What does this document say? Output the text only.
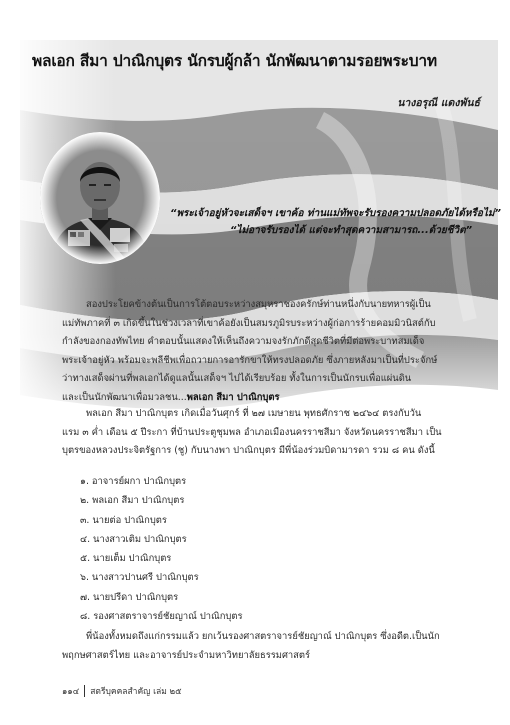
พลเอก สีมา ปาณิกบุตร นักรบผู้กล้า นักพัฒนาตามรอยพระบาท
นางอรุณี แดงพันธ์
“พระเจ้าอยู่หัวจะเสด็จฯ เขาค้อ ท่านแม่ทัพจะรับรองความปลอดภัยได้หรือไม่”
“ไม่อาจรับรองได้ แต่จะทำสุดความสามารถ...ด้วยชีวิต”
สองประโยคข้างต้นเป็นการโต้ตอบระหว่างสมุหราชองครักษ์ท่านหนึ่งกับนายทหารผู้เป็น
แม่ทัพภาคที่ ๓ เกิดขึ้นในช่วงเวลาที่เขาค้อยังเป็นสมรภูมิรบระหว่างผู้ก่อการร้ายคอมมิวนิสต์กับ
กำลังของกองทัพไทย คำตอบนั้นแสดงให้เห็นถึงความจงรักภักดีสุดชีวิตที่มีต่อพระบาทสมเด็จ
พระเจ้าอยู่หัว พร้อมจะพลีชีพเพื่อถวายการอารักขาให้ทรงปลอดภัย ซึ่งภายหลังมาเป็นที่ประจักษ์
ว่าทางเสด็จผ่านที่พลเอกได้ดูแลนั้นเสด็จฯ ไปได้เรียบร้อย ทั้งในการเป็นนักรบเพื่อแผ่นดิน
และเป็นนักพัฒนาเพื่อมวลชน...พลเอก สีมา ปาณิกบุตร
พลเอก สีมา ปาณิกบุตร เกิดเมื่อวันศุกร์ ที่ ๒๗ เมษายน พุทธศักราช ๒๔๖๔ ตรงกับวัน
แรม ๓ ค่ำ เดือน ๕ ปีระกา ที่บ้านประตูชุมพล อำเภอเมืองนครราชสีมา จังหวัดนครราชสีมา เป็น
บุตรของหลวงประจิตรัฐการ (ชู) กับนางพา ปาณิกบุตร มีพี่น้องร่วมบิดามารดา รวม ๘ คน ดังนี้
๑. อาจารย์ผกา ปาณิกบุตร
๒. พลเอก สีมา ปาณิกบุตร
๓. นายต่อ ปาณิกบุตร
๔. นางสาวเติม ปาณิกบุตร
๕. นายเต็ม ปาณิกบุตร
๖. นางสาวปานศรี ปาณิกบุตร
๗. นายปรีดา ปาณิกบุตร
๘. รองศาสตราจารย์ชัยญาณ์ ปาณิกบุตร
พี่น้องทั้งหมดถึงแก่กรรมแล้ว ยกเว้นรองศาสตราจารย์ชัยญาณ์ ปาณิกบุตร ซึ่งอดีต.เป็นนัก
พฤกษศาสตร์ไทย และอาจารย์ประจำมหาวิทยาลัยธรรมศาสตร์
๑๑๔ สตรีบุคคลสำคัญ เล่ม ๒๕
